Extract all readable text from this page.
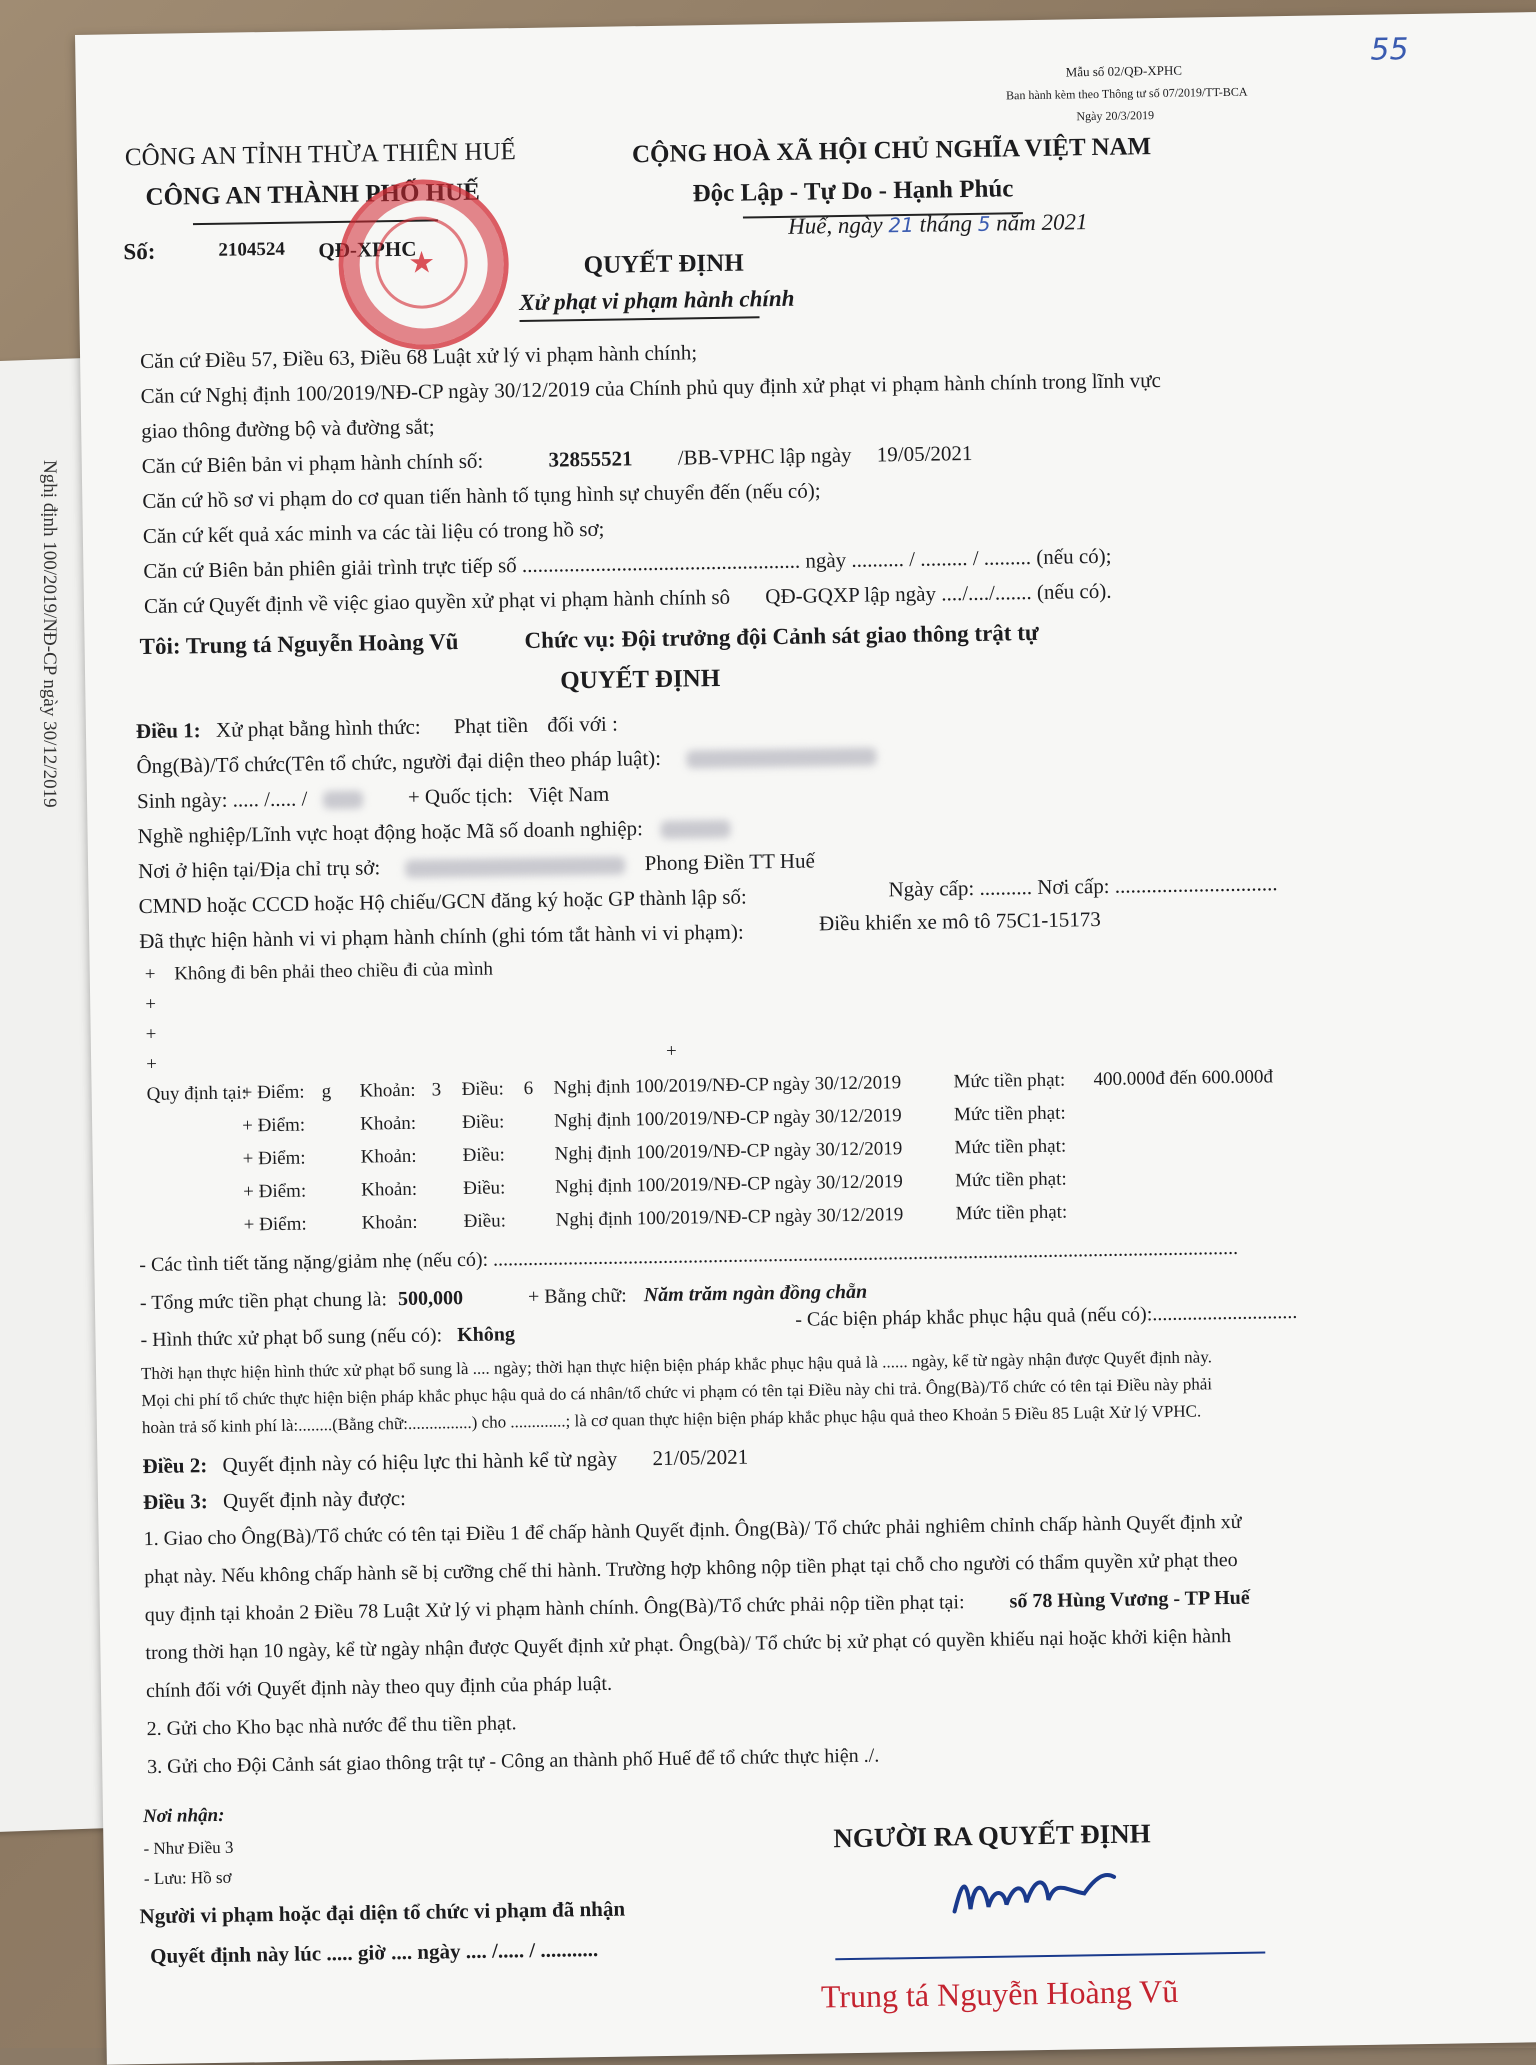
Nghị định 100/2019/NĐ-CP ngày 30/12/2019
55
Mẫu số 02/QĐ-XPHC
Ban hành kèm theo Thông tư số 07/2019/TT-BCA
Ngày 20/3/2019
CÔNG AN TỈNH THỪA THIÊN HUẾ
CÔNG AN THÀNH PHỐ HUẾ
CỘNG HOÀ XÃ HỘI CHỦ NGHĨA VIỆT NAM
Độc Lập - Tự Do - Hạnh Phúc
Số:	2104524 QĐ-XPHC
Huế, ngày 21 tháng 5 năm 2021
★	QUYẾT ĐỊNH
Xử phạt vi phạm hành chính
Căn cứ Điều 57, Điều 63, Điều 68 Luật xử lý vi phạm hành chính;
Căn cứ Nghị định 100/2019/NĐ-CP ngày 30/12/2019 của Chính phủ quy định xử phạt vi phạm hành chính trong lĩnh vực
giao thông đường bộ và đường sắt;
Căn cứ Biên bản vi phạm hành chính số:	32855521 /BB-VPHC lập ngày 19/05/2021
Căn cứ hồ sơ vi phạm do cơ quan tiến hành tố tụng hình sự chuyển đến (nếu có);
Căn cứ kết quả xác minh va các tài liệu có trong hồ sơ;
Căn cứ Biên bản phiên giải trình trực tiếp số ..................................................... ngày .......... / ......... / ......... (nếu có);
Căn cứ Quyết định về việc giao quyền xử phạt vi phạm hành chính sô QĐ-GQXP lập ngày ..../..../....... (nếu có).
Tôi: Trung tá Nguyễn Hoàng Vũ	Chức vụ: Đội trưởng đội Cảnh sát giao thông trật tự
QUYẾT ĐỊNH
Điều 1: Xử phạt bằng hình thức: Phạt tiền đối với :
Ông(Bà)/Tổ chức(Tên tổ chức, người đại diện theo pháp luật):
Sinh ngày: ..... /..... /	+ Quốc tịch: Việt Nam
Nghề nghiệp/Lĩnh vực hoạt động hoặc Mã số doanh nghiệp:
Nơi ở hiện tại/Địa chỉ trụ sở:	Phong Điền TT Huế
CMND hoặc CCCD hoặc Hộ chiếu/GCN đăng ký hoặc GP thành lập số:	Ngày cấp: .......... Nơi cấp: ...............................
Đã thực hiện hành vi vi phạm hành chính (ghi tóm tắt hành vi vi phạm):	Điều khiển xe mô tô 75C1-15173
+ Không đi bên phải theo chiều đi của mình
+
+
+
+
Quy định tại:
+ Điểm: g Khoản: 3 Điều: 6 Nghị định 100/2019/NĐ-CP ngày 30/12/2019	Mức tiền phạt: 400.000đ đến 600.000đ
+ Điểm:	Khoản: Điều:	Nghị định 100/2019/NĐ-CP ngày 30/12/2019	Mức tiền phạt:
+ Điểm:	Khoản: Điều:	Nghị định 100/2019/NĐ-CP ngày 30/12/2019	Mức tiền phạt:
+ Điểm:	Khoản: Điều:	Nghị định 100/2019/NĐ-CP ngày 30/12/2019	Mức tiền phạt:
+ Điểm:	Khoản: Điều:	Nghị định 100/2019/NĐ-CP ngày 30/12/2019	Mức tiền phạt:
- Các tình tiết tăng nặng/giảm nhẹ (nếu có): .....................................................................................................................................................
- Tổng mức tiền phạt chung là: 500,000	+ Bằng chữ: Năm trăm ngàn đồng chẵn
- Hình thức xử phạt bổ sung (nếu có): Không
- Các biện pháp khắc phục hậu quả (nếu có):.............................
Thời hạn thực hiện hình thức xử phạt bổ sung là .... ngày; thời hạn thực hiện biện pháp khắc phục hậu quả là ...... ngày, kể từ ngày nhận được Quyết định này.
Mọi chi phí tổ chức thực hiện biện pháp khắc phục hậu quả do cá nhân/tổ chức vi phạm có tên tại Điều này chi trả. Ông(Bà)/Tổ chức có tên tại Điều này phải
hoàn trả số kinh phí là:........(Bằng chữ:...............) cho .............; là cơ quan thực hiện biện pháp khắc phục hậu quả theo Khoản 5 Điều 85 Luật Xử lý VPHC.
Điều 2: Quyết định này có hiệu lực thi hành kể từ ngày 21/05/2021
Điều 3: Quyết định này được:
1. Giao cho Ông(Bà)/Tổ chức có tên tại Điều 1 để chấp hành Quyết định. Ông(Bà)/ Tổ chức phải nghiêm chỉnh chấp hành Quyết định xử
phạt này. Nếu không chấp hành sẽ bị cưỡng chế thi hành. Trường hợp không nộp tiền phạt tại chỗ cho người có thẩm quyền xử phạt theo
quy định tại khoản 2 Điều 78 Luật Xử lý vi phạm hành chính. Ông(Bà)/Tổ chức phải nộp tiền phạt tại: số 78 Hùng Vương - TP Huế
trong thời hạn 10 ngày, kể từ ngày nhận được Quyết định xử phạt. Ông(bà)/ Tổ chức bị xử phạt có quyền khiếu nại hoặc khởi kiện hành
chính đối với Quyết định này theo quy định của pháp luật.
2. Gửi cho Kho bạc nhà nước để thu tiền phạt.
3. Gửi cho Đội Cảnh sát giao thông trật tự - Công an thành phố Huế để tổ chức thực hiện ./.
Nơi nhận:
- Như Điều 3
- Lưu: Hồ sơ
Người vi phạm hoặc đại diện tổ chức vi phạm đã nhận
Quyết định này lúc ..... giờ .... ngày .... /..... / ...........
NGƯỜI RA QUYẾT ĐỊNH
Trung tá Nguyễn Hoàng Vũ
